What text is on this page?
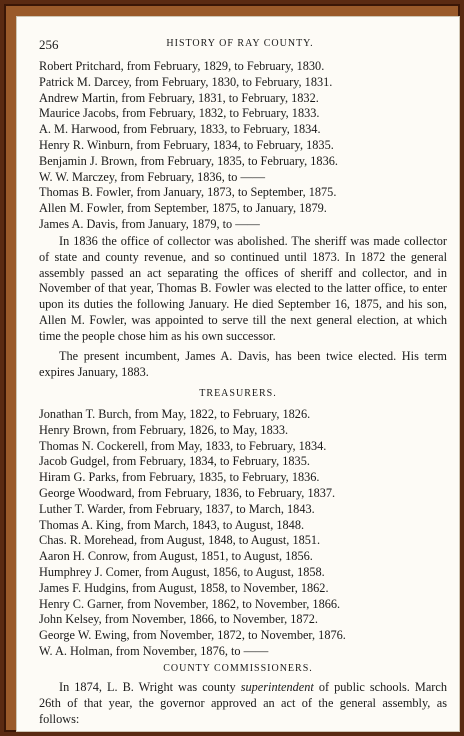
256	HISTORY OF RAY COUNTY.
Robert Pritchard, from February, 1829, to February, 1830.
Patrick M. Darcey, from February, 1830, to February, 1831.
Andrew Martin, from February, 1831, to February, 1832.
Maurice Jacobs, from February, 1832, to February, 1833.
A. M. Harwood, from February, 1833, to February, 1834.
Henry R. Winburn, from February, 1834, to February, 1835.
Benjamin J. Brown, from February, 1835, to February, 1836.
W. W. Marczey, from February, 1836, to ——
Thomas B. Fowler, from January, 1873, to September, 1875.
Allen M. Fowler, from September, 1875, to January, 1879.
James A. Davis, from January, 1879, to ——

In 1836 the office of collector was abolished. The sheriff was made collector of state and county revenue, and so continued until 1873. In 1872 the general assembly passed an act separating the offices of sheriff and collector, and in November of that year, Thomas B. Fowler was elected to the latter office, to enter upon its duties the following January. He died September 16, 1875, and his son, Allen M. Fowler, was appointed to serve till the next general election, at which time the people chose him as his own successor.

The present incumbent, James A. Davis, has been twice elected. His term expires January, 1883.

TREASURERS.
Jonathan T. Burch, from May, 1822, to February, 1826.
Henry Brown, from February, 1826, to May, 1833.
Thomas N. Cockerell, from May, 1833, to February, 1834.
Jacob Gudgel, from February, 1834, to February, 1835.
Hiram G. Parks, from February, 1835, to February, 1836.
George Woodward, from February, 1836, to February, 1837.
Luther T. Warder, from February, 1837, to March, 1843.
Thomas A. King, from March, 1843, to August, 1848.
Chas. R. Morehead, from August, 1848, to August, 1851.
Aaron H. Conrow, from August, 1851, to August, 1856.
Humphrey J. Comer, from August, 1856, to August, 1858.
James F. Hudgins, from August, 1858, to November, 1862.
Henry C. Garner, from November, 1862, to November, 1866.
John Kelsey, from November, 1866, to November, 1872.
George W. Ewing, from November, 1872, to November, 1876.
W. A. Holman, from November, 1876, to ——
COUNTY COMMISSIONERS.

In 1874, L. B. Wright was county superintendent of public schools. March 26th of that year, the governor approved an act of the general assembly, as follows:
